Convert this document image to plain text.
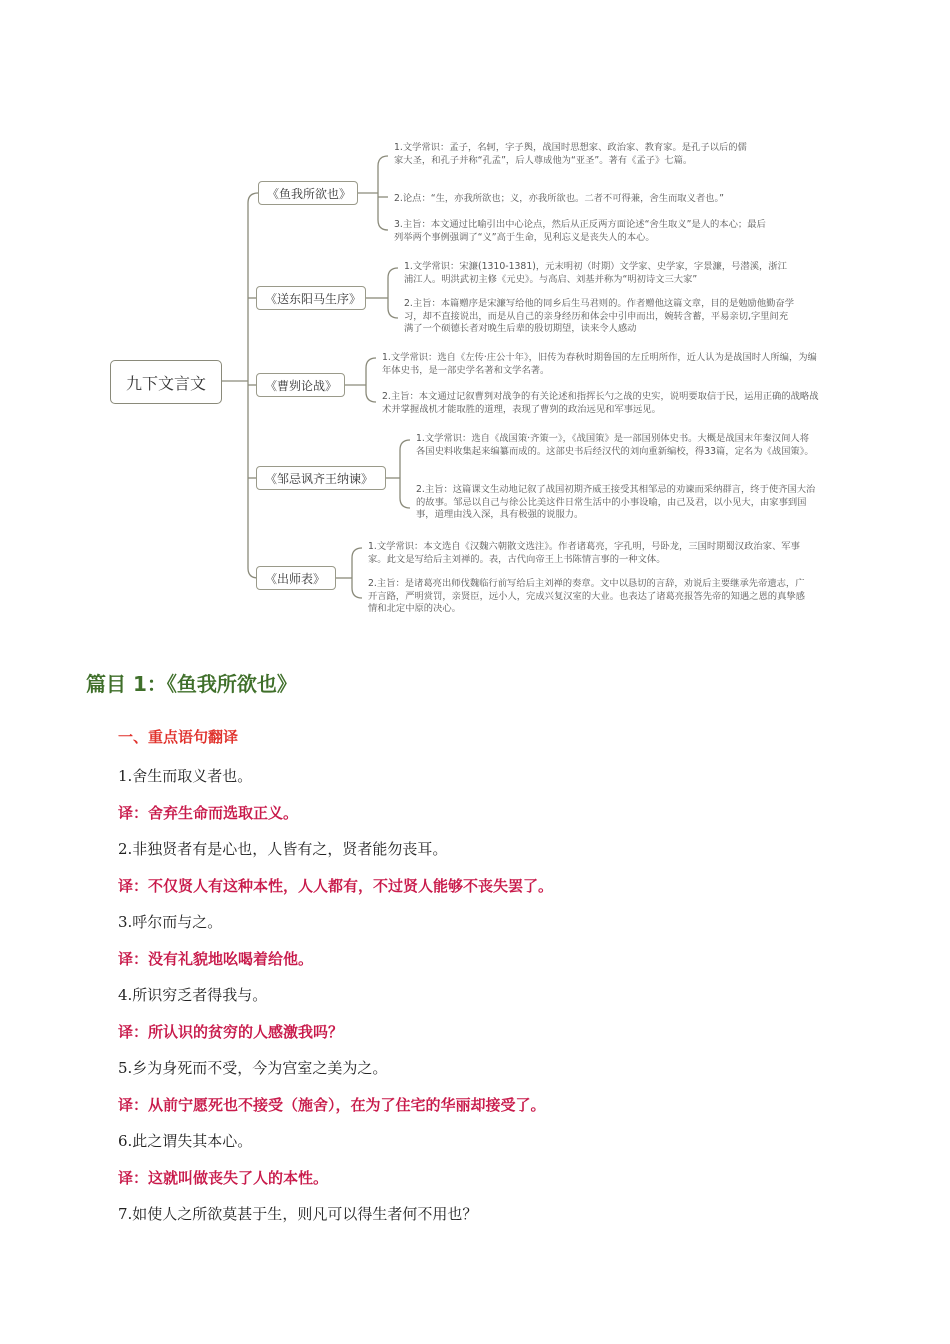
九下文言文
《鱼我所欲也》
《送东阳马生序》
《曹刿论战》
《邹忌讽齐王纳谏》
《出师表》
1.文学常识：孟子，名轲，字子舆，战国时思想家、政治家、教育家。是孔子以后的儒家大圣，和孔子并称“孔孟”，后人尊成他为“亚圣”。著有《孟子》七篇。
2.论点：“生，亦我所欲也；义，亦我所欲也。二者不可得兼，舍生而取义者也。”
3.主旨：本文通过比喻引出中心论点，然后从正反两方面论述“舍生取义”是人的本心；最后列举两个事例强调了“义”高于生命，见利忘义是丧失人的本心。
1.文学常识：宋濂(1310-1381)，元末明初（时期）文学家、史学家，字景濂，号潜溪，浙江浦江人。明洪武初主修《元史》。与高启、刘基并称为“明初诗文三大家”
2.主旨：本篇赠序是宋濂写给他的同乡后生马君则的。作者赠他这篇文章，目的是勉励他勤奋学习，却不直接说出，而是从自己的亲身经历和体会中引申而出，婉转含蓄，平易亲切,字里间充满了一个硕德长者对晚生后辈的殷切期望，读来令人感动
1.文学常识：选自《左传·庄公十年》，旧传为春秋时期鲁国的左丘明所作，近人认为是战国时人所编，为编年体史书，是一部史学名著和文学名著。
2.主旨：本文通过记叙曹刿对战争的有关论述和指挥长勺之战的史实，说明要取信于民，运用正确的战略战术并掌握战机才能取胜的道理，表现了曹刿的政治远见和军事远见。
1.文学常识：选自《战国策·齐策一》，《战国策》是一部国别体史书。大概是战国末年秦汉间人将各国史料收集起来编纂而成的。这部史书后经汉代的刘向重新编校，得33篇，定名为《战国策》。
2.主旨：这篇课文生动地记叙了战国初期齐威王接受其相邹忌的劝谏而采纳群言，终于使齐国大治的故事。邹忌以自己与徐公比美这件日常生活中的小事设喻，由己及君，以小见大，由家事到国事，道理由浅入深，具有极强的说服力。
1.文学常识：本文选自《汉魏六朝散文选注》。作者诸葛亮，字孔明，号卧龙，三国时期蜀汉政治家、军事家。此文是写给后主刘禅的。表，古代向帝王上书陈情言事的一种文体。
2.主旨：是诸葛亮出师伐魏临行前写给后主刘禅的奏章。文中以恳切的言辞，劝说后主要继承先帝遗志，广开言路，严明赏罚，亲贤臣，远小人，完成兴复汉室的大业。也表达了诸葛亮报答先帝的知遇之恩的真挚感情和北定中原的决心。
篇目 1：《鱼我所欲也》
一、重点语句翻译
1.舍生而取义者也。
译：舍弃生命而选取正义。
2.非独贤者有是心也，人皆有之，贤者能勿丧耳。
译：不仅贤人有这种本性，人人都有，不过贤人能够不丧失罢了。
3.呼尔而与之。
译：没有礼貌地吆喝着给他。
4.所识穷乏者得我与。
译：所认识的贫穷的人感激我吗？
5.乡为身死而不受，今为宫室之美为之。
译：从前宁愿死也不接受（施舍），在为了住宅的华丽却接受了。
6.此之谓失其本心。
译：这就叫做丧失了人的本性。
7.如使人之所欲莫甚于生，则凡可以得生者何不用也？
